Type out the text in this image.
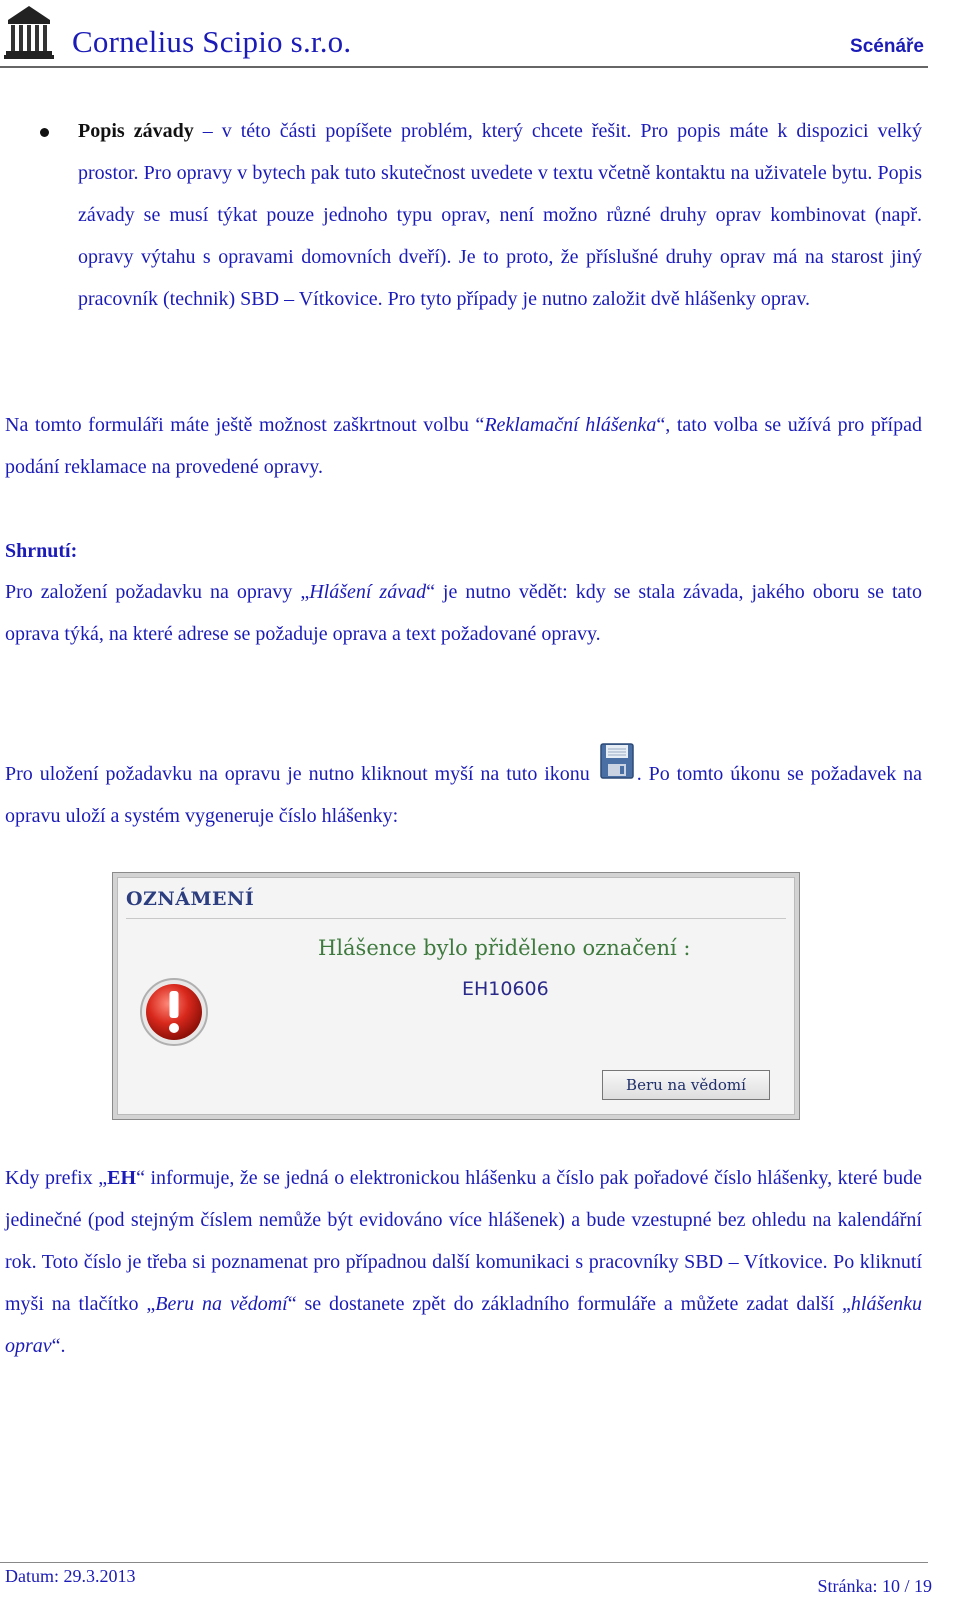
Cornelius Scipio s.r.o.	Scénáře

Popis závady – v této části popíšete problém, který chcete řešit. Pro popis máte k dispozici velký prostor. Pro opravy v bytech pak tuto skutečnost uvedete v textu včetně kontaktu na uživatele bytu. Popis závady se musí týkat pouze jednoho typu oprav, není možno různé druhy oprav kombinovat (např. opravy výtahu s opravami domovních dveří). Je to proto, že příslušné druhy oprav má na starost jiný pracovník (technik) SBD – Vítkovice. Pro tyto případy je nutno založit dvě hlášenky oprav.

Na tomto formuláři máte ještě možnost zaškrtnout volbu “Reklamační hlášenka“, tato volba se užívá pro případ podání reklamace na provedené opravy.

Shrnutí:

Pro založení požadavku na opravy „Hlášení závad“ je nutno vědět: kdy se stala závada, jakého oboru se tato oprava týká, na které adrese se požaduje oprava a text požadované opravy.

Pro uložení požadavku na opravu je nutno kliknout myší na tuto ikonu . Po tomto úkonu se požadavek na opravu uloží a systém vygeneruje číslo hlášenky:

OZNÁMENÍ
Hlášence bylo přiděleno označení :
EH10606
Beru na vědomí

Kdy prefix „EH“ informuje, že se jedná o elektronickou hlášenku a číslo pak pořadové číslo hlášenky, které bude jedinečné (pod stejným číslem nemůže být evidováno více hlášenek) a bude vzestupné bez ohledu na kalendářní rok. Toto číslo je třeba si poznamenat pro případnou další komunikaci s pracovníky SBD – Vítkovice. Po kliknutí myši na tlačítko „Beru na vědomí“ se dostanete zpět do základního formuláře a můžete zadat další „hlášenku oprav“.

Datum: 29.3.2013	Stránka: 10 / 19
